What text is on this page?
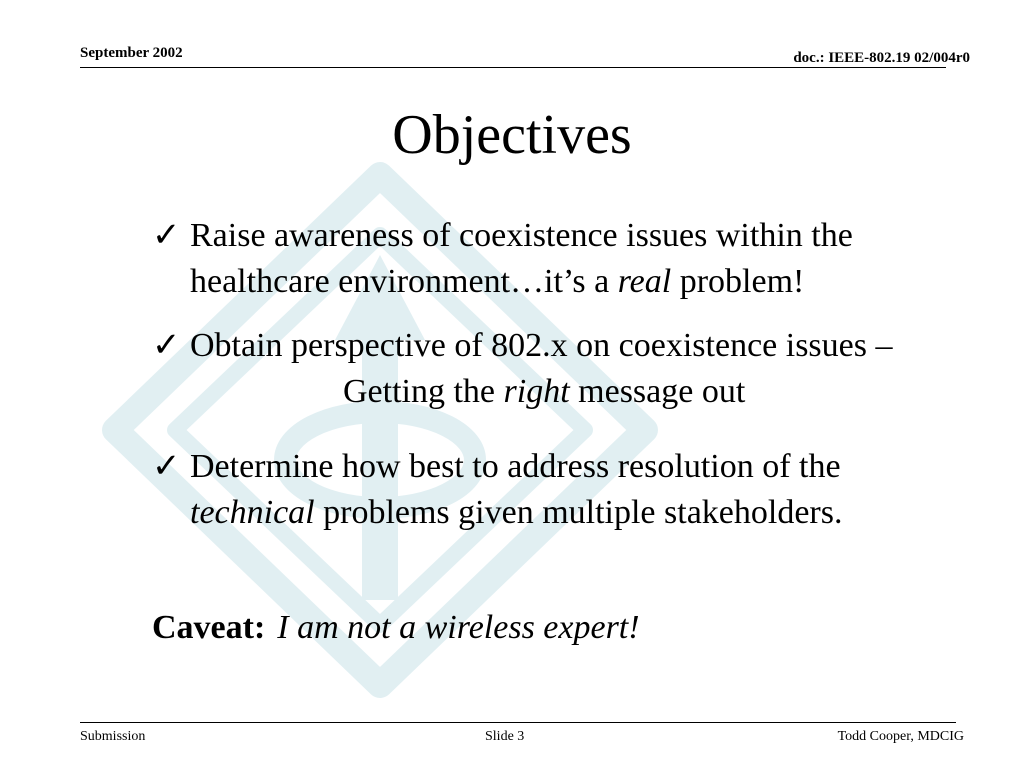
September 2002	doc.: IEEE-802.19 02/004r0
Objectives
✓ Raise awareness of coexistence issues within the
healthcare environment…it’s a real problem!
✓ Obtain perspective of 802.x on coexistence issues –
Getting the right message out
✓ Determine how best to address resolution of the
technical problems given multiple stakeholders.
Caveat: I am not a wireless expert!
Submission	Slide 3	Todd Cooper, MDCIG
